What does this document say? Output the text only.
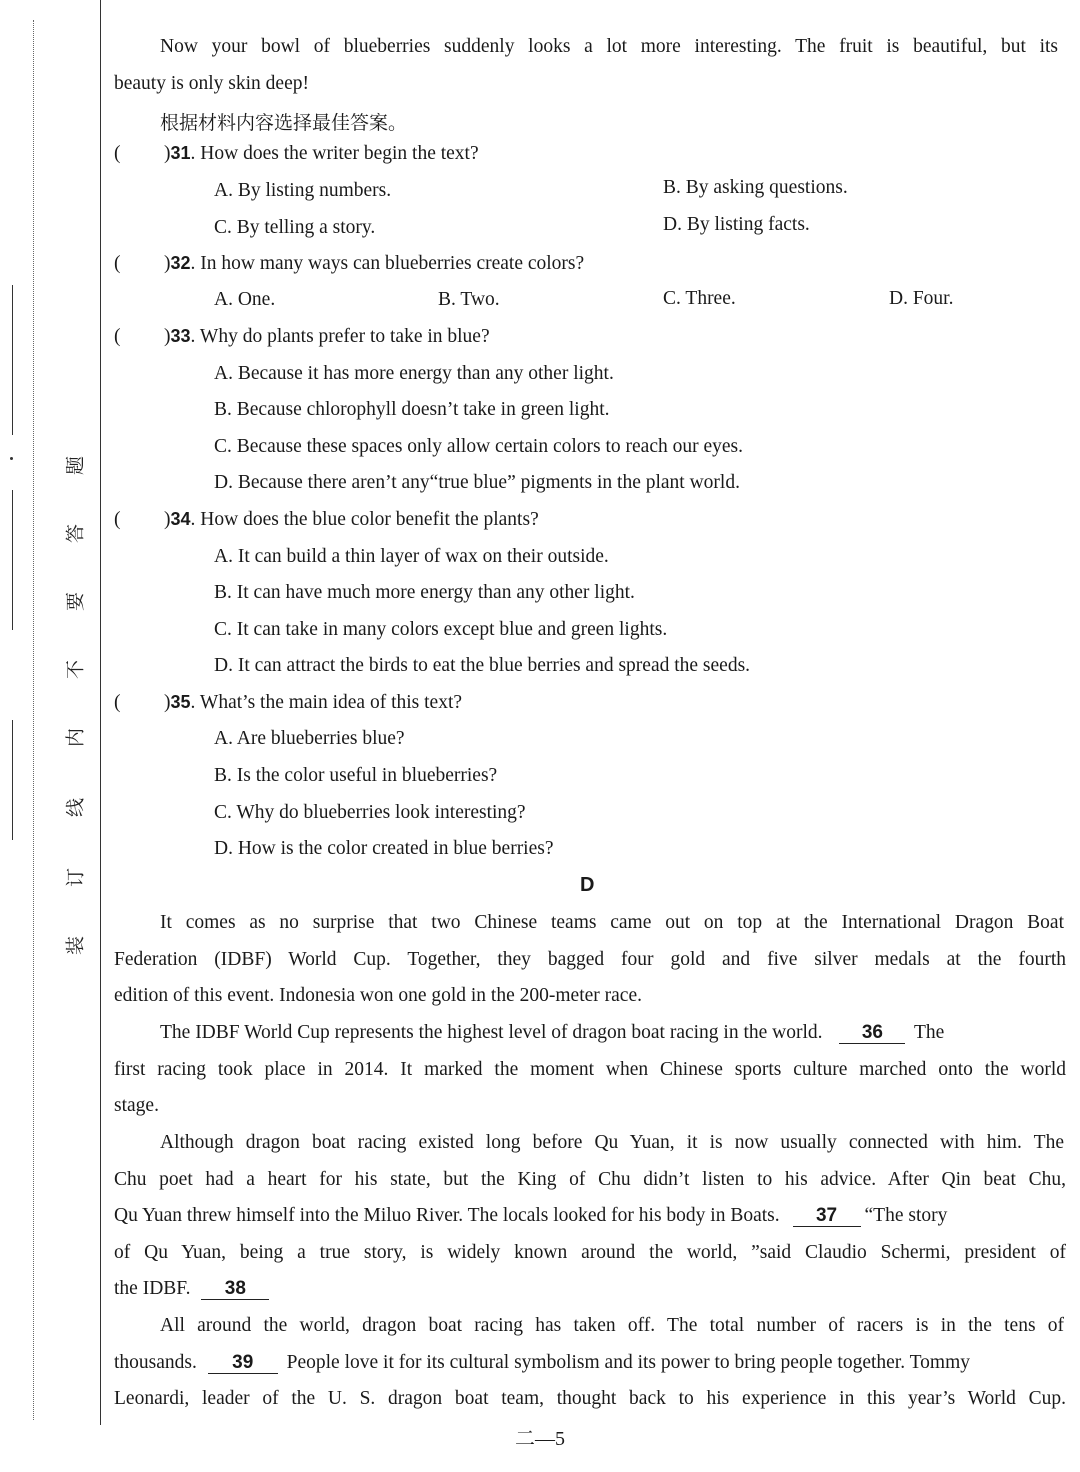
题
答
要
不
内
线
订
装
Now your bowl of blueberries suddenly looks a lot more interesting. The fruit is beautiful, but its
beauty is only skin deep!
根据材料内容选择最佳答案。
( )31. How does the writer begin the text?
A. By listing numbers.	B. By asking questions.
C. By telling a story.	D. By listing facts.
( )32. In how many ways can blueberries create colors?
A. One.	B. Two.	C. Three.	D. Four.
( )33. Why do plants prefer to take in blue?
A. Because it has more energy than any other light.
B. Because chlorophyll doesn’t take in green light.
C. Because these spaces only allow certain colors to reach our eyes.
D. Because there aren’t any“true blue” pigments in the plant world.
( )34. How does the blue color benefit the plants?
A. It can build a thin layer of wax on their outside.
B. It can have much more energy than any other light.
C. It can take in many colors except blue and green lights.
D. It can attract the birds to eat the blue berries and spread the seeds.
( )35. What’s the main idea of this text?
A. Are blueberries blue?
B. Is the color useful in blueberries?
C. Why do blueberries look interesting?
D. How is the color created in blue berries?
D
It comes as no surprise that two Chinese teams came out on top at the International Dragon Boat
Federation (IDBF) World Cup. Together, they bagged four gold and five silver medals at the fourth
edition of this event. Indonesia won one gold in the 200-meter race.
The IDBF World Cup represents the highest level of dragon boat racing in the world. 36 The
first racing took place in 2014. It marked the moment when Chinese sports culture marched onto the world
stage.
Although dragon boat racing existed long before Qu Yuan, it is now usually connected with him. The
Chu poet had a heart for his state, but the King of Chu didn’t listen to his advice. After Qin beat Chu,
Qu Yuan threw himself into the Miluo River. The locals looked for his body in Boats. 37 “The story
of Qu Yuan, being a true story, is widely known around the world, ”said Claudio Schermi, president of
the IDBF. 38
All around the world, dragon boat racing has taken off. The total number of racers is in the tens of
thousands. 39 People love it for its cultural symbolism and its power to bring people together. Tommy
Leonardi, leader of the U. S. dragon boat team, thought back to his experience in this year’s World Cup.
二—5
